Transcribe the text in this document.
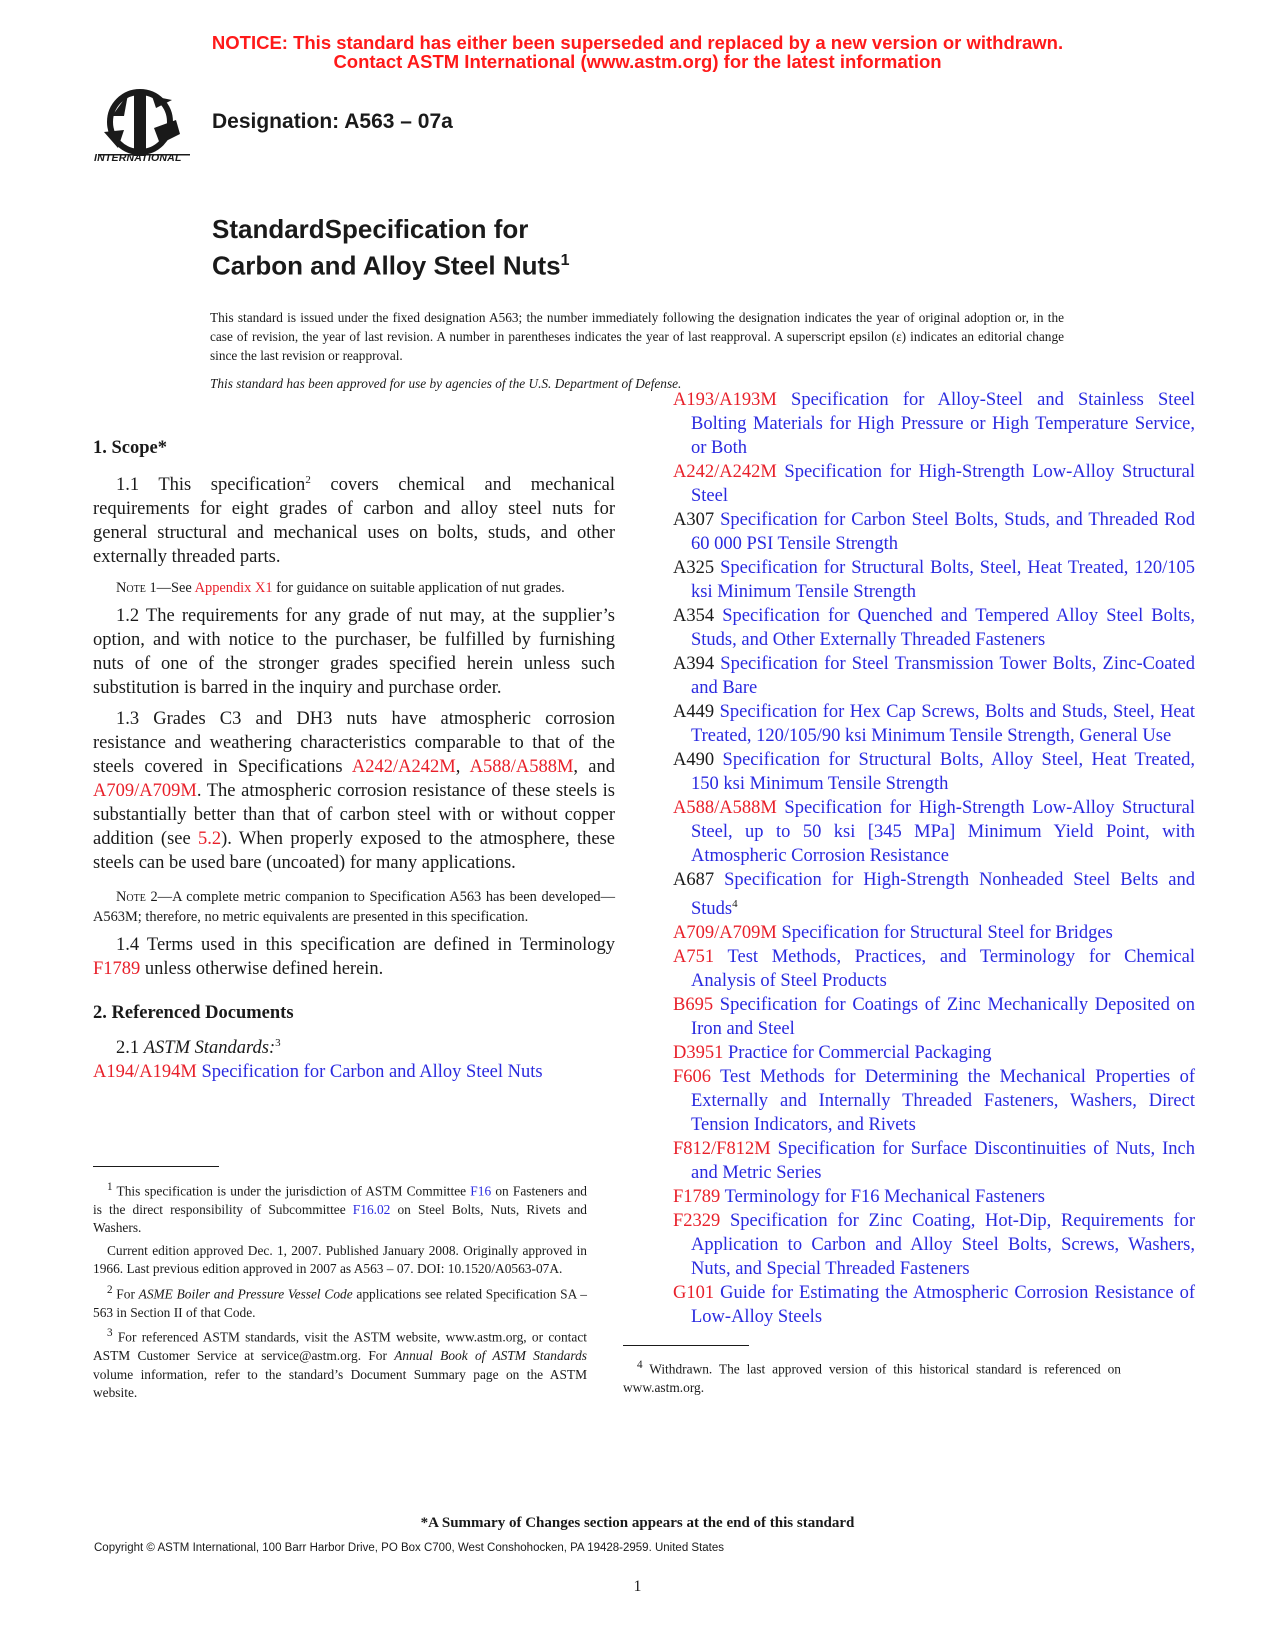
NOTICE: This standard has either been superseded and replaced by a new version or withdrawn.
Contact ASTM International (www.astm.org) for the latest information
INTERNATIONAL
Designation: A563 – 07a
StandardSpecification for
Carbon and Alloy Steel Nuts$^1$
This standard is issued under the fixed designation A563; the number immediately following the designation indicates the year of original adoption or, in the case of revision, the year of last revision. A number in parentheses indicates the year of last reapproval. A superscript epsilon (ε) indicates an editorial change since the last revision or reapproval.
This standard has been approved for use by agencies of the U.S. Department of Defense.

1. Scope*

1.1 This specification$^2$ covers chemical and mechanical requirements for eight grades of carbon and alloy steel nuts for general structural and mechanical uses on bolts, studs, and other externally threaded parts.

Note 1—See Appendix X1 for guidance on suitable application of nut grades.

1.2 The requirements for any grade of nut may, at the supplier’s option, and with notice to the purchaser, be fulfilled by furnishing nuts of one of the stronger grades specified herein unless such substitution is barred in the inquiry and purchase order.

1.3 Grades C3 and DH3 nuts have atmospheric corrosion resistance and weathering characteristics comparable to that of the steels covered in Specifications A242/A242M, A588/A588M, and A709/A709M. The atmospheric corrosion resistance of these steels is substantially better than that of carbon steel with or without copper addition (see 5.2). When properly exposed to the atmosphere, these steels can be used bare (uncoated) for many applications.

Note 2—A complete metric companion to Specification A563 has been developed—A563M; therefore, no metric equivalents are presented in this specification.

1.4 Terms used in this specification are defined in Terminology F1789 unless otherwise defined herein.

2. Referenced Documents

2.1 ASTM Standards:$^3$

A194/A194M Specification for Carbon and Alloy Steel Nuts

A193/A193M Specification for Alloy-Steel and Stainless Steel Bolting Materials for High Pressure or High Temperature Service, or Both

A242/A242M Specification for High-Strength Low-Alloy Structural Steel

A307 Specification for Carbon Steel Bolts, Studs, and Threaded Rod 60 000 PSI Tensile Strength

A325 Specification for Structural Bolts, Steel, Heat Treated, 120/105 ksi Minimum Tensile Strength

A354 Specification for Quenched and Tempered Alloy Steel Bolts, Studs, and Other Externally Threaded Fasteners

A394 Specification for Steel Transmission Tower Bolts, Zinc-Coated and Bare

A449 Specification for Hex Cap Screws, Bolts and Studs, Steel, Heat Treated, 120/105/90 ksi Minimum Tensile Strength, General Use

A490 Specification for Structural Bolts, Alloy Steel, Heat Treated, 150 ksi Minimum Tensile Strength

A588/A588M Specification for High-Strength Low-Alloy Structural Steel, up to 50 ksi [345 MPa] Minimum Yield Point, with Atmospheric Corrosion Resistance

A687 Specification for High-Strength Nonheaded Steel Belts and Studs$^4$

A709/A709M Specification for Structural Steel for Bridges

A751 Test Methods, Practices, and Terminology for Chemical Analysis of Steel Products

B695 Specification for Coatings of Zinc Mechanically Deposited on Iron and Steel

D3951 Practice for Commercial Packaging

F606 Test Methods for Determining the Mechanical Properties of Externally and Internally Threaded Fasteners, Washers, Direct Tension Indicators, and Rivets

F812/F812M Specification for Surface Discontinuities of Nuts, Inch and Metric Series

F1789 Terminology for F16 Mechanical Fasteners

F2329 Specification for Zinc Coating, Hot-Dip, Requirements for Application to Carbon and Alloy Steel Bolts, Screws, Washers, Nuts, and Special Threaded Fasteners

G101 Guide for Estimating the Atmospheric Corrosion Resistance of Low-Alloy Steels

$^1$ This specification is under the jurisdiction of ASTM Committee F16 on Fasteners and is the direct responsibility of Subcommittee F16.02 on Steel Bolts, Nuts, Rivets and Washers.

Current edition approved Dec. 1, 2007. Published January 2008. Originally approved in 1966. Last previous edition approved in 2007 as A563 – 07. DOI: 10.1520/A0563-07A.

$^2$ For ASME Boiler and Pressure Vessel Code applications see related Specification SA – 563 in Section II of that Code.

$^3$ For referenced ASTM standards, visit the ASTM website, www.astm.org, or contact ASTM Customer Service at service@astm.org. For Annual Book of ASTM Standards volume information, refer to the standard’s Document Summary page on the ASTM website.

$^4$ Withdrawn. The last approved version of this historical standard is referenced on www.astm.org.

*A Summary of Changes section appears at the end of this standard
Copyright © ASTM International, 100 Barr Harbor Drive, PO Box C700, West Conshohocken, PA 19428-2959. United States
1
